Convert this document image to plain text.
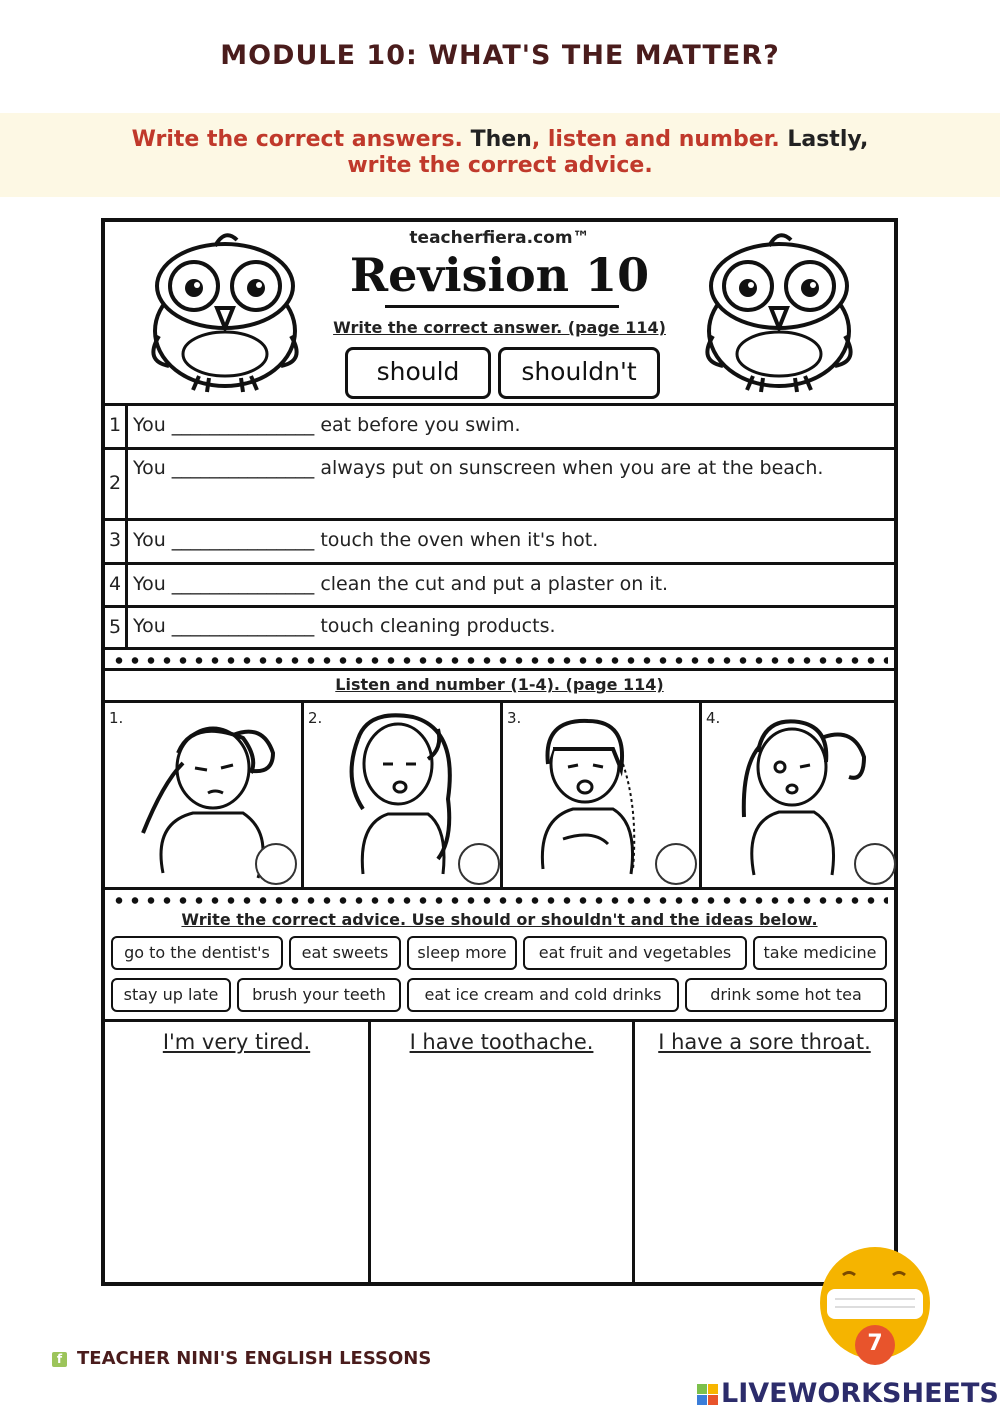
MODULE 10: WHAT'S THE MATTER?
Write the correct answers. Then, listen and number. Lastly,
write the correct advice.
teacherfiera.com™
Revision 10
Write the correct answer. (page 114)
should	shouldn't
1 You _______________ eat before you swim.
2
You _______________ always put on sunscreen when you are at the beach.
3 You _______________ touch the oven when it's hot.
4 You _______________ clean the cut and put a plaster on it.
5 You _______________ touch cleaning products.
Listen and number (1-4). (page 114)
1.	2.	3.	4.
Write the correct advice. Use should or shouldn't and the ideas below.
go to the dentist's	eat sweets	sleep more	eat fruit and vegetables	take medicine
stay up late	brush your teeth	eat ice cream and cold drinks	drink some hot tea
I'm very tired.	I have toothache.	I have a sore throat.
7
f TEACHER NINI'S ENGLISH LESSONS
LIVEWORKSHEETS
